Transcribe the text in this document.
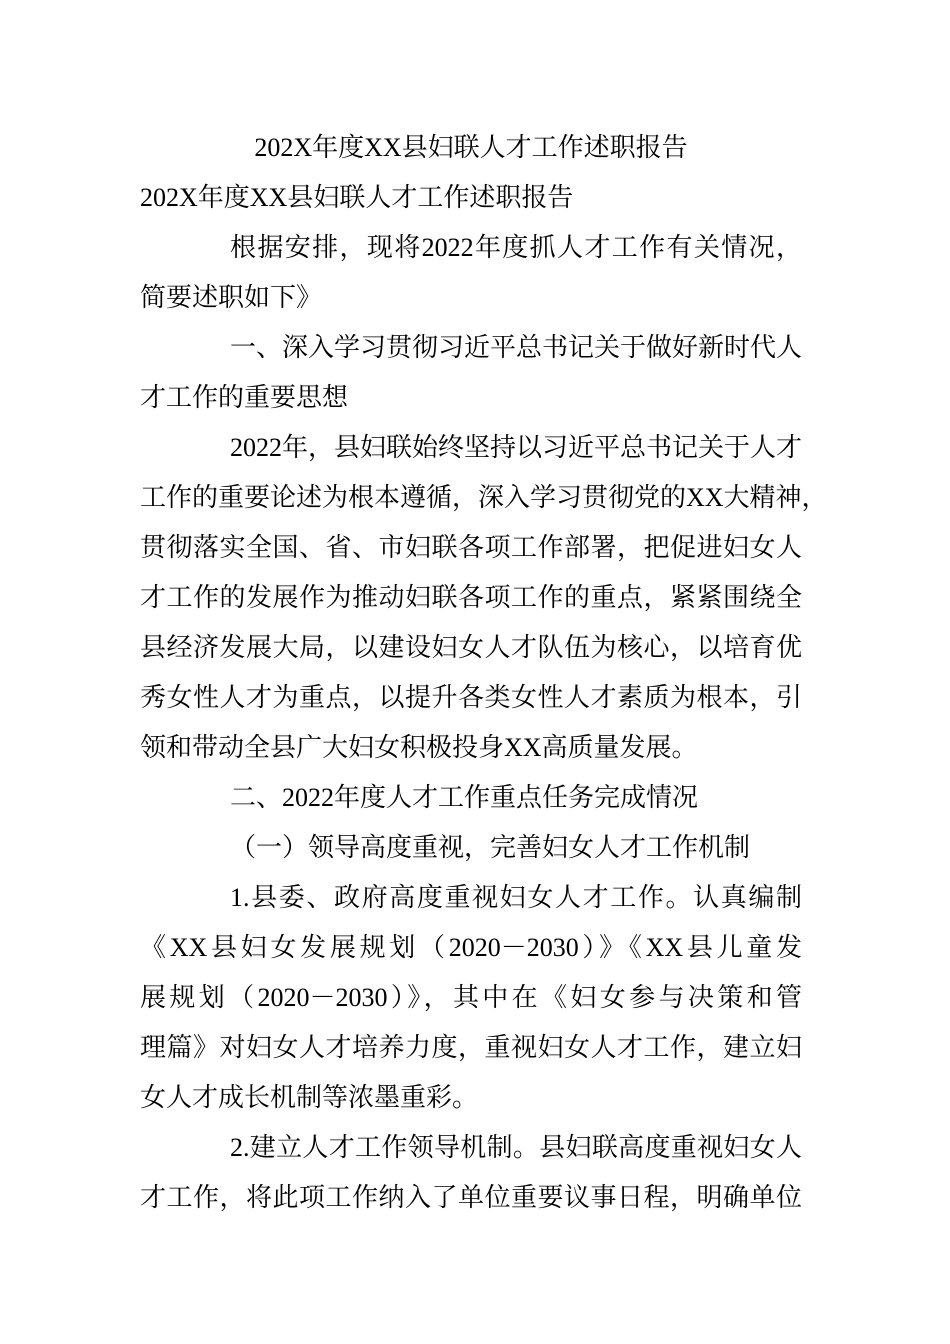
202X年度XX县妇联人才工作述职报告
202X年度XX县妇联人才工作述职报告
根据安排，现将2022年度抓人才工作有关情况，
简要述职如下》
一、深入学习贯彻习近平总书记关于做好新时代人
才工作的重要思想
2022年，县妇联始终坚持以习近平总书记关于人才
工作的重要论述为根本遵循，深入学习贯彻党的XX大精神，
贯彻落实全国、省、市妇联各项工作部署，把促进妇女人
才工作的发展作为推动妇联各项工作的重点，紧紧围绕全
县经济发展大局，以建设妇女人才队伍为核心，以培育优
秀女性人才为重点，以提升各类女性人才素质为根本，引
领和带动全县广大妇女积极投身XX高质量发展。
二、2022年度人才工作重点任务完成情况
（一）领导高度重视，完善妇女人才工作机制
1.县委、政府高度重视妇女人才工作。认真编制
《XX县妇女发展规划（2020－2030）》《XX县儿童发
展规划（2020－2030）》，其中在《妇女参与决策和管
理篇》对妇女人才培养力度，重视妇女人才工作，建立妇
女人才成长机制等浓墨重彩。
2.建立人才工作领导机制。县妇联高度重视妇女人
才工作，将此项工作纳入了单位重要议事日程，明确单位
